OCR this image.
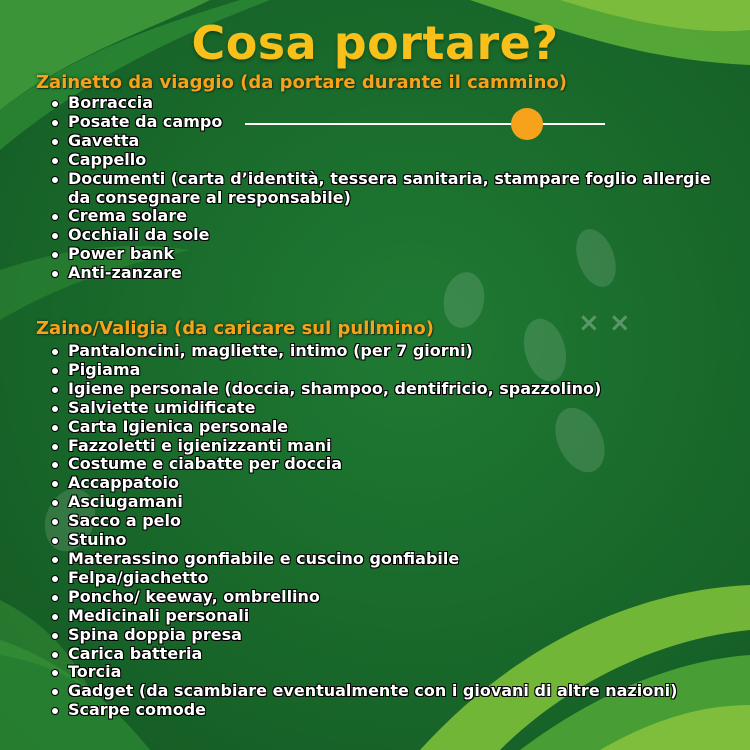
Cosa portare?
× ×
Zainetto da viaggio (da portare durante il cammino)
Borraccia
Posate da campo
Gavetta
Cappello
Documenti (carta d’identità, tessera sanitaria, stampare foglio allergie da consegnare al responsabile)
Crema solare
Occhiali da sole
Power bank
Anti-zanzare
Zaino/Valigia (da caricare sul pullmino)
Pantaloncini, magliette, intimo (per 7 giorni)
Pigiama
Igiene personale (doccia, shampoo, dentifricio, spazzolino)
Salviette umidificate
Carta Igienica personale
Fazzoletti e igienizzanti mani
Costume e ciabatte per doccia
Accappatoio
Asciugamani
Sacco a pelo
Stuino
Materassino gonfiabile e cuscino gonfiabile
Felpa/giachetto
Poncho/ keeway, ombrellino
Medicinali personali
Spina doppia presa
Carica batteria
Torcia
Gadget (da scambiare eventualmente con i giovani di altre nazioni)
Scarpe comode
